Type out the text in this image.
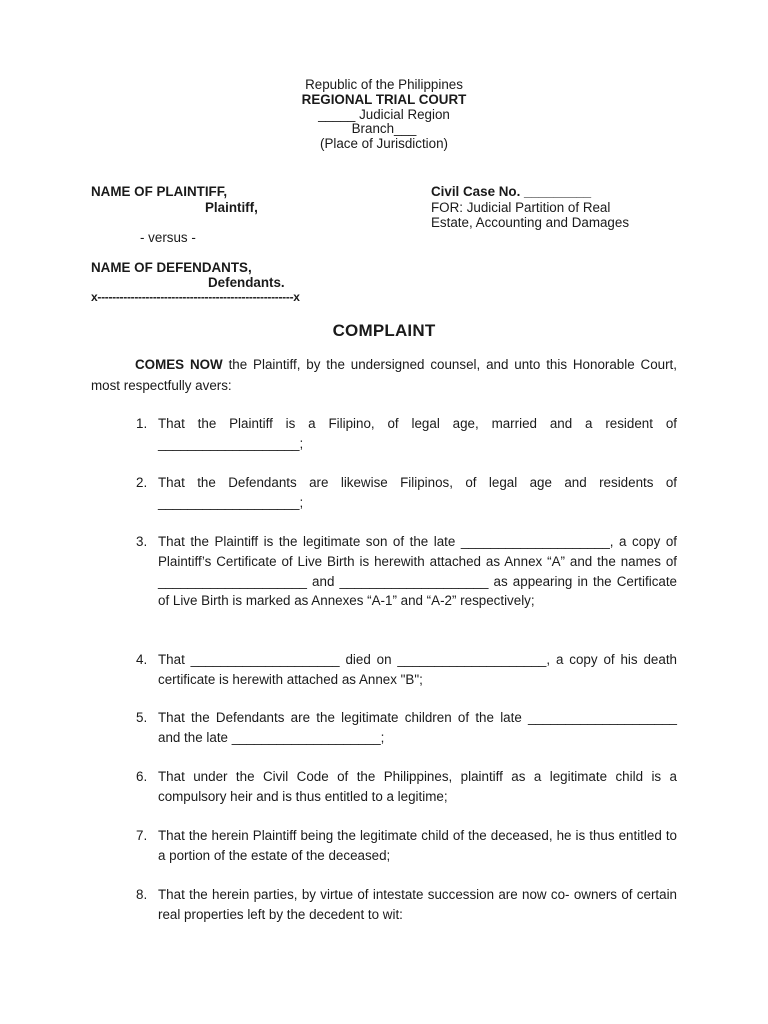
Republic of the Philippines
REGIONAL TRIAL COURT
_____ Judicial Region
Branch___
(Place of Jurisdiction)
NAME OF PLAINTIFF,
Plaintiff,
- versus -
NAME OF DEFENDANTS,
Defendants.
x-----------------------------------------------------x
Civil Case No. _________
FOR: Judicial Partition of Real
Estate, Accounting and Damages
COMPLAINT
COMES NOW the Plaintiff, by the undersigned counsel, and unto this Honorable Court, most respectfully avers:
1. That the Plaintiff is a Filipino, of legal age, married and a resident of ___________________;
2. That the Defendants are likewise Filipinos, of legal age and residents of ___________________;
3. That the Plaintiff is the legitimate son of the late ____________________, a copy of Plaintiff’s Certificate of Live Birth is herewith attached as Annex “A” and the names of ____________________ and ____________________ as appearing in the Certificate of Live Birth is marked as Annexes “A-1” and “A-2” respectively;
4. That ____________________ died on ____________________, a copy of his death certificate is herewith attached as Annex "B";
5. That the Defendants are the legitimate children of the late ____________________ and the late ____________________;
6. That under the Civil Code of the Philippines, plaintiff as a legitimate child is a compulsory heir and is thus entitled to a legitime;
7. That the herein Plaintiff being the legitimate child of the deceased, he is thus entitled to a portion of the estate of the deceased;
8. That the herein parties, by virtue of intestate succession are now co- owners of certain real properties left by the decedent to wit:
